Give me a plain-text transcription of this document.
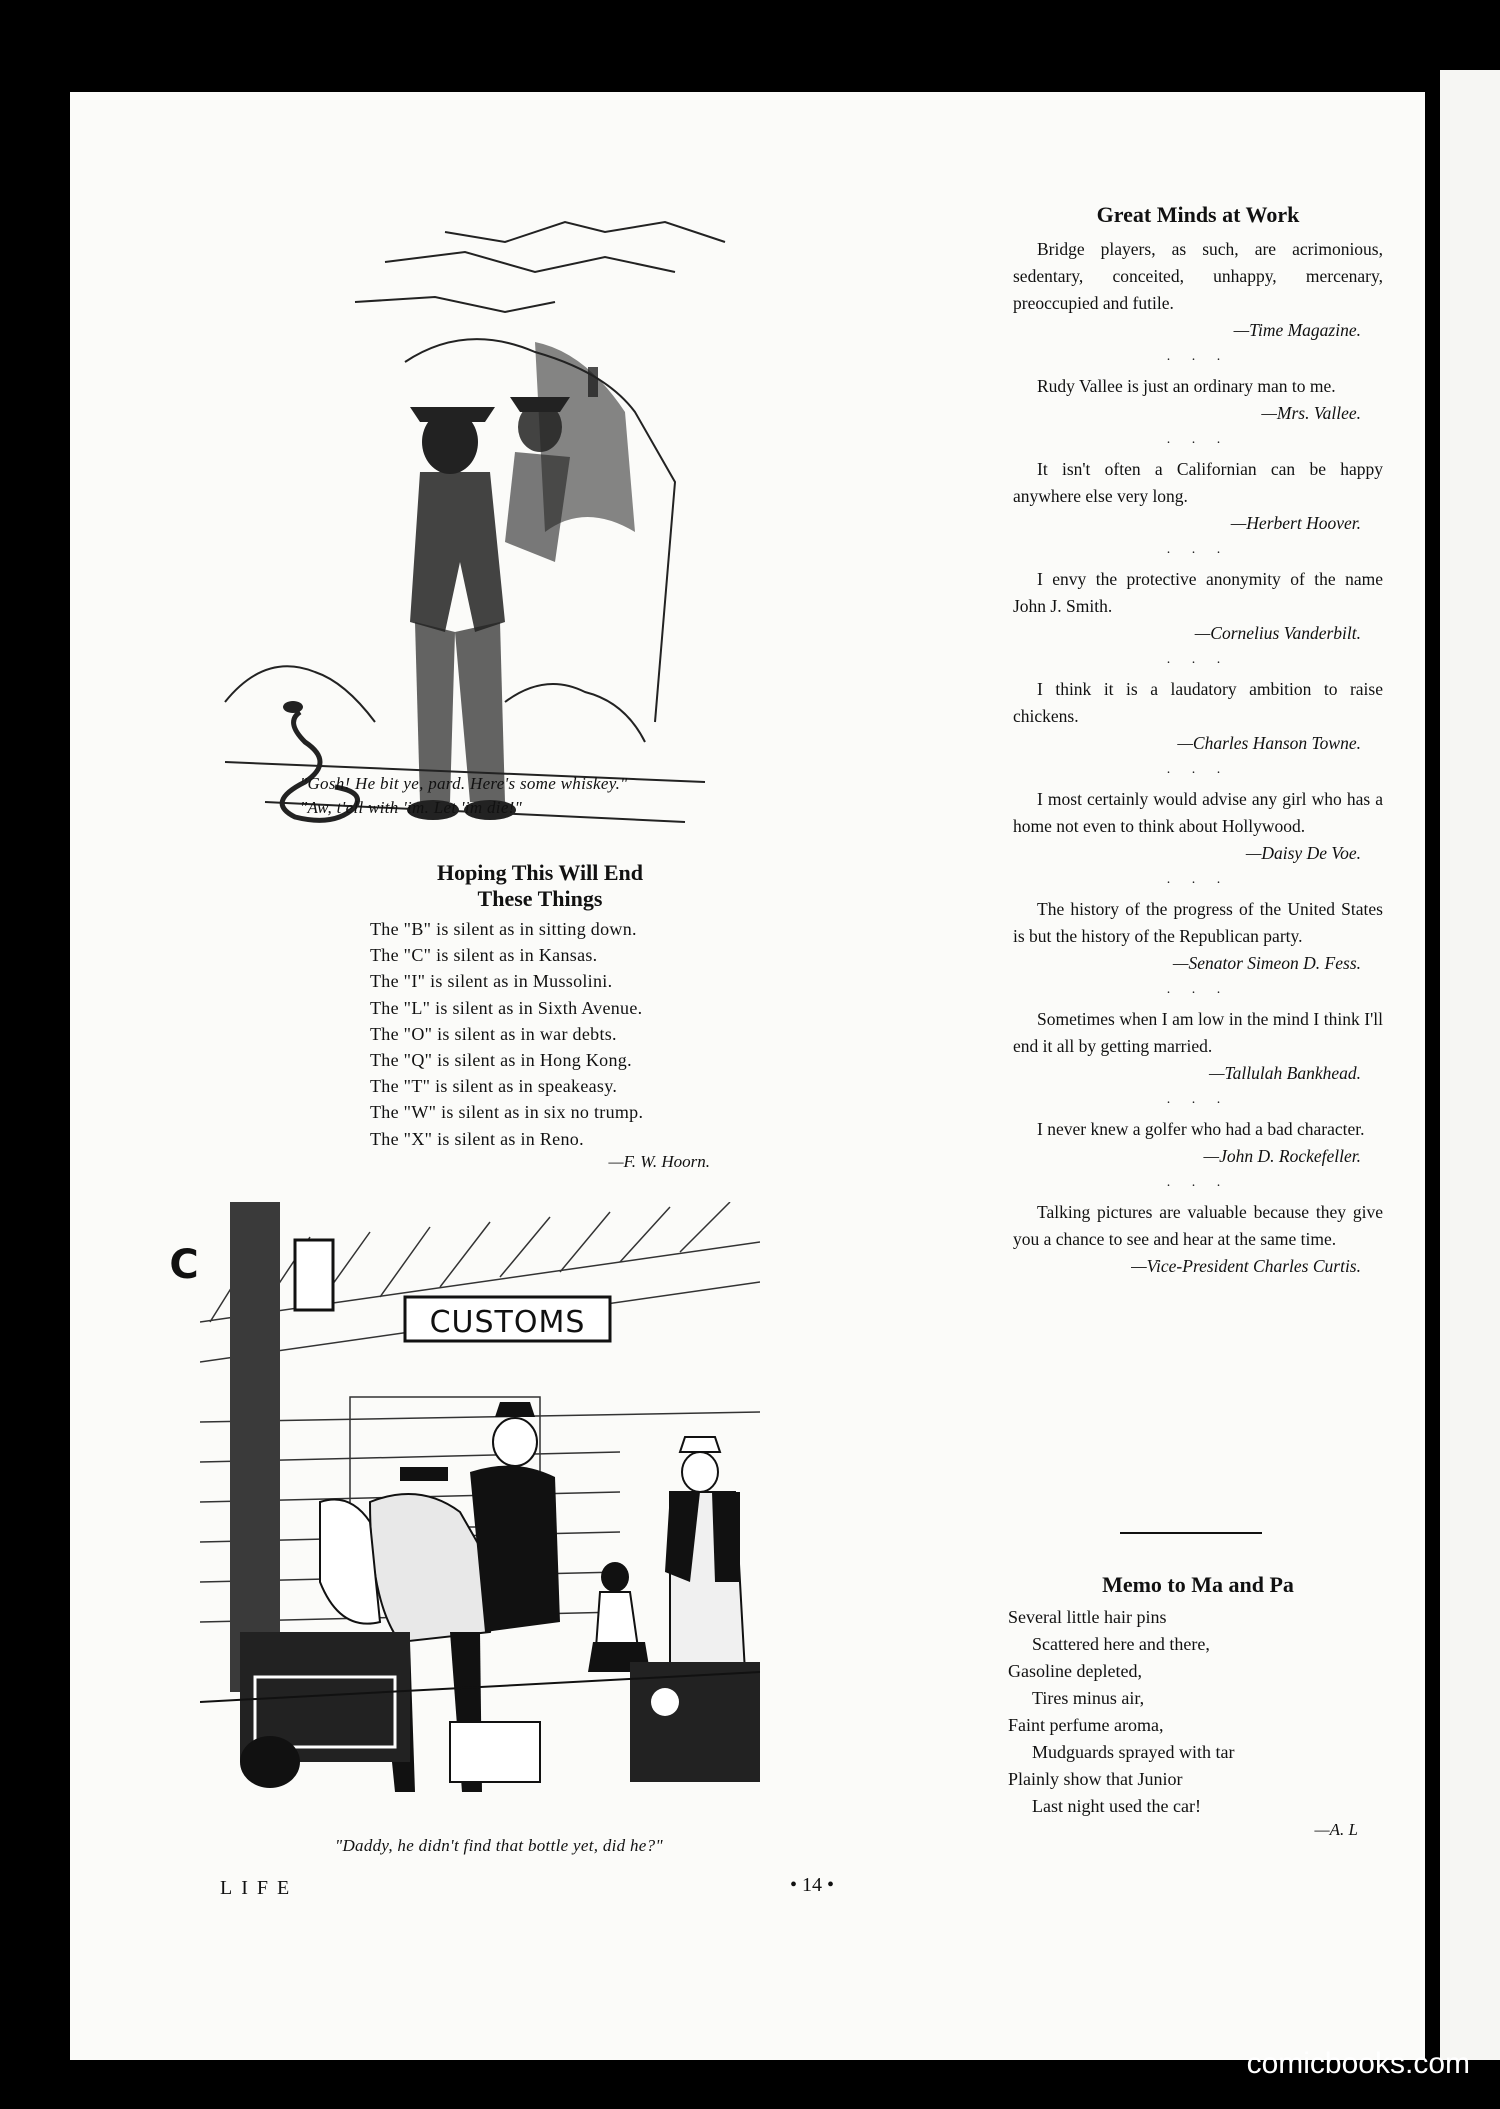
"Gosh! He bit ye, pard. Here's some whiskey."
"Aw, t'ell with 'im. Let 'im die!"
Hoping This Will End
These Things
The "B" is silent as in sitting down.
The "C" is silent as in Kansas.
The "I" is silent as in Mussolini.
The "L" is silent as in Sixth Avenue.
The "O" is silent as in war debts.
The "Q" is silent as in Hong Kong.
The "T" is silent as in speakeasy.
The "W" is silent as in six no trump.
The "X" is silent as in Reno.
—F. W. Hoorn.
C
CUSTOMS
"Daddy, he didn't find that bottle yet, did he?"
Great Minds at Work
Bridge players, as such, are acrimonious, sedentary, conceited, unhappy, mercenary, preoccupied and futile.
—Time Magazine.
. . .
Rudy Vallee is just an ordinary man to me.
—Mrs. Vallee.
. . .
It isn't often a Californian can be happy anywhere else very long.
—Herbert Hoover.
. . .
I envy the protective anonymity of the name John J. Smith.
—Cornelius Vanderbilt.
. . .
I think it is a laudatory ambition to raise chickens.
—Charles Hanson Towne.
. . .
I most certainly would advise any girl who has a home not even to think about Hollywood.
—Daisy De Voe.
. . .
The history of the progress of the United States is but the history of the Republican party.
—Senator Simeon D. Fess.
. . .
Sometimes when I am low in the mind I think I'll end it all by getting married.
—Tallulah Bankhead.
. . .
I never knew a golfer who had a bad character.
—John D. Rockefeller.
. . .
Talking pictures are valuable because they give you a chance to see and hear at the same time.
—Vice-President Charles Curtis.
Memo to Ma and Pa
Several little hair pins
Scattered here and there,
Gasoline depleted,
Tires minus air,
Faint perfume aroma,
Mudguards sprayed with tar
Plainly show that Junior
Last night used the car!
—A. L
LIFE	• 14 •
comicbooks.com
